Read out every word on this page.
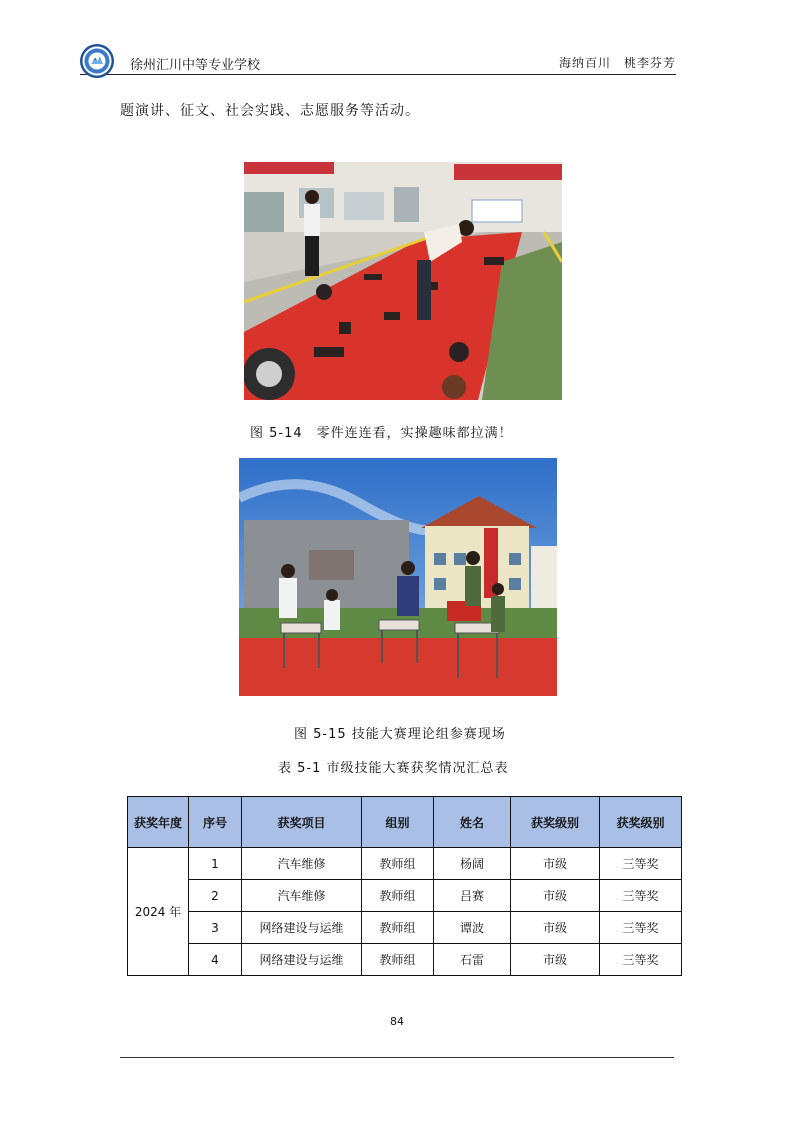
徐州汇川中等专业学校	海纳百川　桃李芬芳
题演讲、征文、社会实践、志愿服务等活动。
图 5-14　零件连连看，实操趣味都拉满！
图 5-15 技能大赛理论组参赛现场
表 5-1 市级技能大赛获奖情况汇总表
获奖年度	序号	获奖项目	组别	姓名	获奖级别	获奖级别
2024 年	1	汽车维修	教师组	杨阔	市级	三等奖
	2	汽车维修	教师组	吕赛	市级	三等奖
	3	网络建设与运维	教师组	谭波	市级	三等奖
	4	网络建设与运维	教师组	石雷	市级	三等奖
84
